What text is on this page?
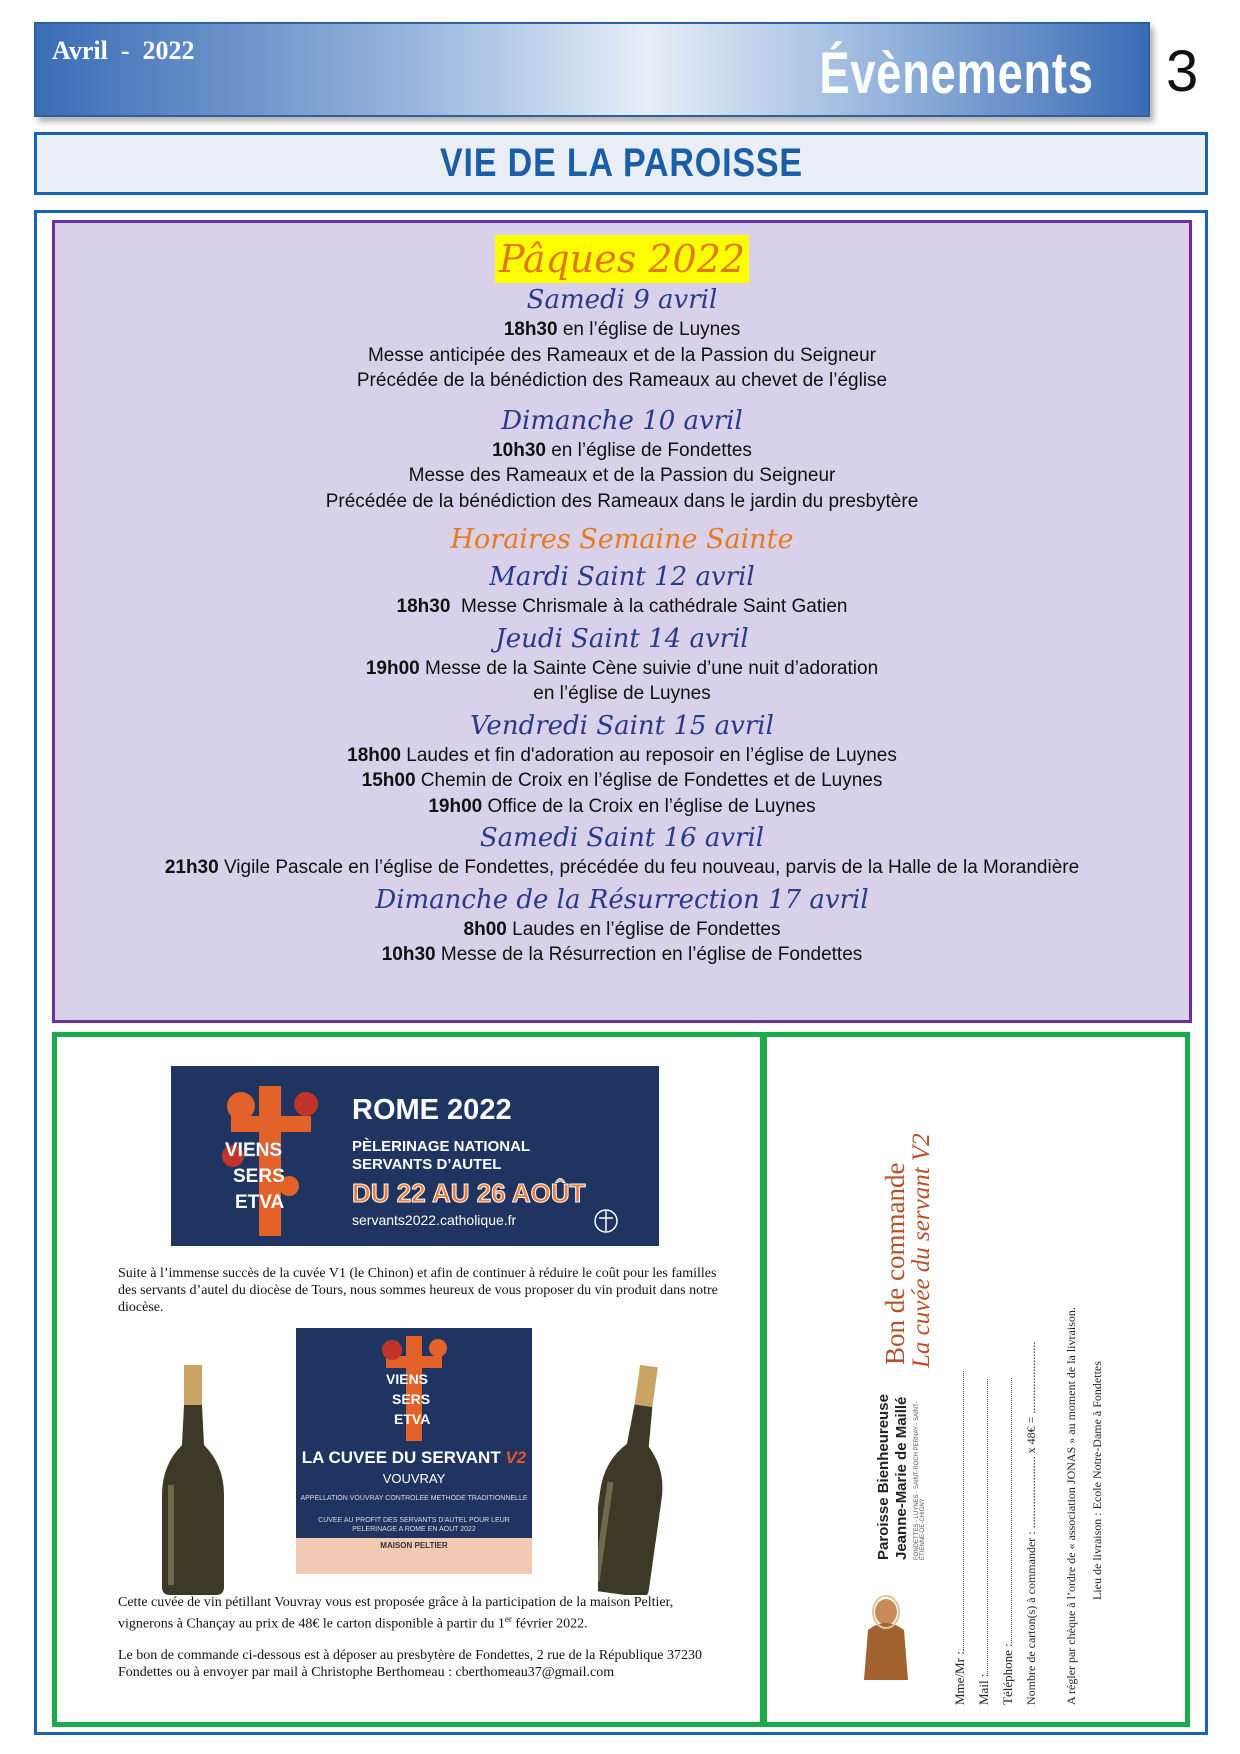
Avril  -  2022	Évènements 3
VIE DE LA PAROISSE
Pâques 2022
Samedi 9 avril
18h30 en l’église de Luynes
Messe anticipée des Rameaux et de la Passion du Seigneur
Précédée de la bénédiction des Rameaux au chevet de l’église
Dimanche 10 avril
10h30 en l’église de Fondettes
Messe des Rameaux et de la Passion du Seigneur
Précédée de la bénédiction des Rameaux dans le jardin du presbytère
Horaires Semaine Sainte
Mardi Saint 12 avril
18h30  Messe Chrismale à la cathédrale Saint Gatien
Jeudi Saint 14 avril
19h00 Messe de la Sainte Cène suivie d’une nuit d’adoration
en l’église de Luynes
Vendredi Saint 15 avril
18h00 Laudes et fin d'adoration au reposoir en l’église de Luynes
15h00 Chemin de Croix en l’église de Fondettes et de Luynes
19h00 Office de la Croix en l’église de Luynes
Samedi Saint 16 avril
21h30 Vigile Pascale en l’église de Fondettes, précédée du feu nouveau, parvis de la Halle de la Morandière
Dimanche de la Résurrection 17 avril
8h00 Laudes en l’église de Fondettes
10h30 Messe de la Résurrection en l’église de Fondettes
VIENS
SERS
ETVA
ROME 2022
PÈLERINAGE NATIONAL SERVANTS D’AUTEL
DU 22 AU 26 AOÛT
servants2022.catholique.fr
Suite à l’immense succès de la cuvée V1 (le Chinon) et afin de continuer à réduire le coût pour les familles des servants d’autel du diocèse de Tours, nous sommes heureux de vous proposer du vin produit dans notre diocèse.
VIENS
SERS
ETVA
LA CUVEE DU SERVANT V2
VOUVRAY
APPELLATION VOUVRAY CONTROLEE METHODE TRADITIONNELLE
CUVEE AU PROFIT DES SERVANTS D'AUTEL POUR LEUR PELERINAGE A ROME EN AOUT 2022
MAISON PELTIER
Cette cuvée de vin pétillant Vouvray vous est proposée grâce à la participation de la maison Peltier, vignerons à Chançay au prix de 48€ le carton disponible à partir du 1er février 2022.
Le bon de commande ci-dessous est à déposer au presbytère de Fondettes, 2 rue de la République 37230 Fondettes ou à envoyer par mail à Christophe Berthomeau : cberthomeau37@gmail.com
Bon de commande
La cuvée du servant V2
Paroisse Bienheureuse Jeanne-Marie de Maillé FONDETTES - LUYNES - SAINT-ROCH PERNAY - SAINT-ÉTIENNE-DE-CHIGNY
Mme/Mr : Mail : Téléphone : Nombre de carton(s) à commander : ........................ x 48€ = ........................ A régler par chèque à l’ordre de « association JONAS » au moment de la livraison. Lieu de livraison : Ecole Notre-Dame à Fondettes
